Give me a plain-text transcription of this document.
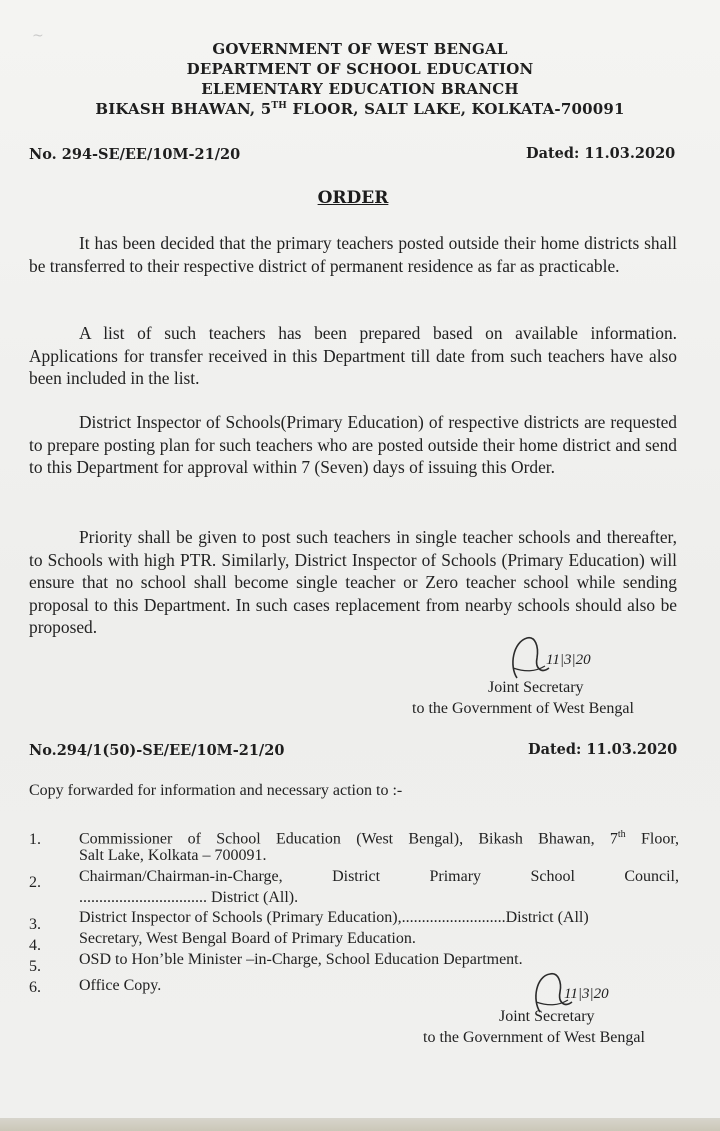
~
GOVERNMENT OF WEST BENGAL
DEPARTMENT OF SCHOOL EDUCATION
ELEMENTARY EDUCATION BRANCH
BIKASH BHAWAN, 5TH FLOOR, SALT LAKE, KOLKATA-700091
No. 294-SE/EE/10M-21/20	Dated: 11.03.2020
ORDER
It has been decided that the primary teachers posted outside their home districts shall be transferred to their respective district of permanent residence as far as practicable.
A list of such teachers has been prepared based on available information. Applications for transfer received in this Department till date from such teachers have also been included in the list.
District Inspector of Schools(Primary Education) of respective districts are requested to prepare posting plan for such teachers who are posted outside their home district and send to this Department for approval within 7 (Seven) days of issuing this Order.
Priority shall be given to post such teachers in single teacher schools and thereafter, to Schools with high PTR. Similarly, District Inspector of Schools (Primary Education) will ensure that no school shall become single teacher or Zero teacher school while sending proposal to this Department. In such cases replacement from nearby schools should also be proposed.
11|3|20
Joint Secretary
to the Government of West Bengal
No.294/1(50)-SE/EE/10M-21/20	Dated: 11.03.2020
Copy forwarded for information and necessary action to :-
1. Commissioner of School Education (West Bengal), Bikash Bhawan, 7th Floor,
Salt Lake, Kolkata – 700091.
2. Chairman/Chairman-in-Charge, District Primary School Council,
................................ District (All).
3. District Inspector of Schools (Primary Education),..........................District (All)
4. Secretary, West Bengal Board of Primary Education.
5. OSD to Hon’ble Minister –in-Charge, School Education Department.
6. Office Copy.	11|3|20
Joint Secretary
to the Government of West Bengal
